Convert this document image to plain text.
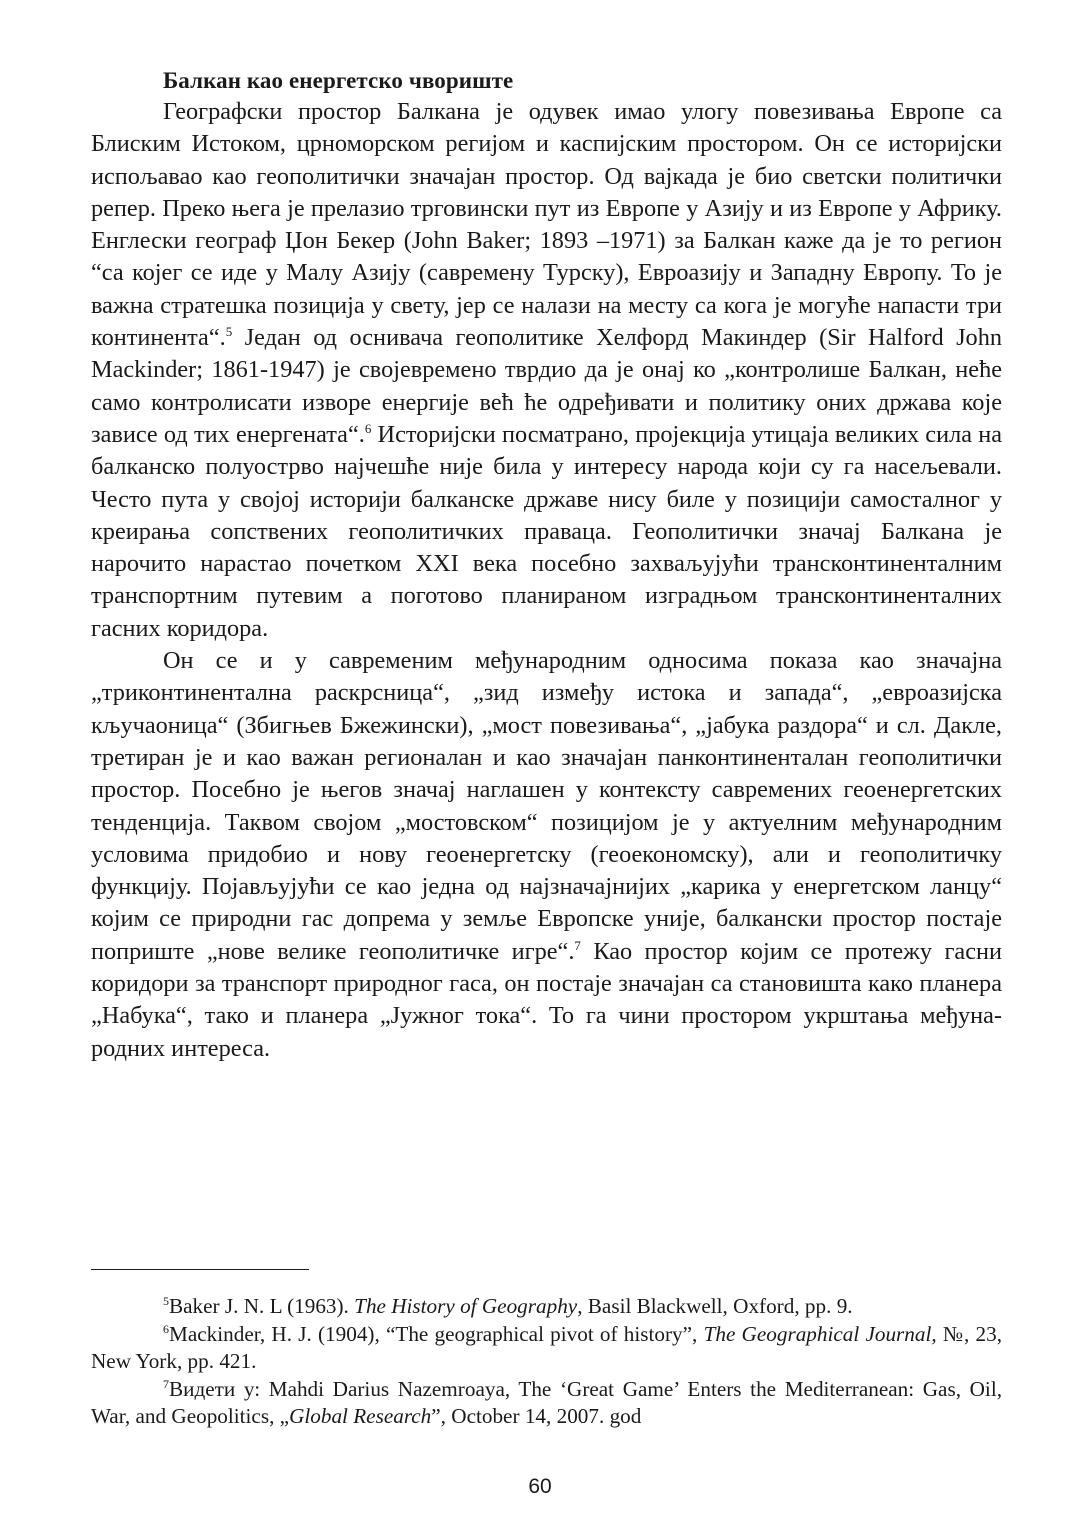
Балкан као енергетско чвориште

Географски простор Балкана је одувек имао улогу повезивања Европе са Блиским Истоком, црноморском регијом и каспијским простором. Он се историјски испољавао као геополитички значајан простор. Од вајкада је био светски политички репер. Преко њега је прелазио трговински пут из Европе у Азију и из Европе у Африку. Енглески географ Џон Бекер (John Baker; 1893 –1971) за Балкан каже да је то регион “са којег се иде у Малу Азију (савремену Турску), Евроазију и Западну Европу. То је важна стратешка позиција у свету, јер се налази на месту са кога је могуће напасти три континента“.$^5$ Један од оснивача геополитике Хелфорд Макиндер (Sir Halford John Mackinder; 1861-1947) је својевремено тврдио да је онај ко „контролише Балкан, неће само контролисати изворе енергије већ ће одређивати и политику оних држава које зависе од тих енергената“.$^6$ Историјски посматрано, пројекција утицаја великих сила на балканско полуострво најчешће није била у интересу народа који су га насељевали. Често пута у својој историји балканске државе нису биле у позицији самосталног у креирања сопствених геополитичких праваца. Геополитички значај Балкана је нарочито нарастао почетком XXI века посебно захваљујући трансконтиненталним транспортним путевим а поготово планираном изградњом трансконтиненталних гасних коридора.

Он се и у савременим међународним односима показа као значајна „триконтинентална раскрсница“, „зид између истока и запада“, „евроазијска кључаоница“ (Збигњев Бжежински), „мост повезивања“, „јабука раздора“ и сл. Дакле, третиран је и као важан регионалан и као значајан панконтиненталан геополитички простор. Посебно је његов значај наглашен у контексту савремених геоенергетских тенденција. Таквом својом „мостовском“ позицијом је у актуелним међународним условима придобио и нову геоенергетску (геоекономску), али и геополитичку функцију. Појављујући се као једна од најзначајнијих „карика у енергетском ланцу“ којим се природни гас допрема у земље Европске уније, балкански простор постаје поприште „нове велике геополитичке игре“.$^7$ Као простор којим се протежу гасни коридори за транспорт природног гаса, он постаје значајан са становишта како планера „Набука“, тако и планера „Јужног тока“. То га чини простором укрштања међународних интереса.

$^5$Baker J. N. L (1963). The History of Geography, Basil Blackwell, Oxford, pp. 9.

$^6$Mackinder, H. J. (1904), “The geographical pivot of history”, The Geographical Journal, №, 23, New York, pp. 421.

$^7$Видети у: Mahdi Darius Nazemroaya, The ‘Great Game’ Enters the Mediterranean: Gas, Oil, War, and Geopolitics, „Global Research”, October 14, 2007. god

60
